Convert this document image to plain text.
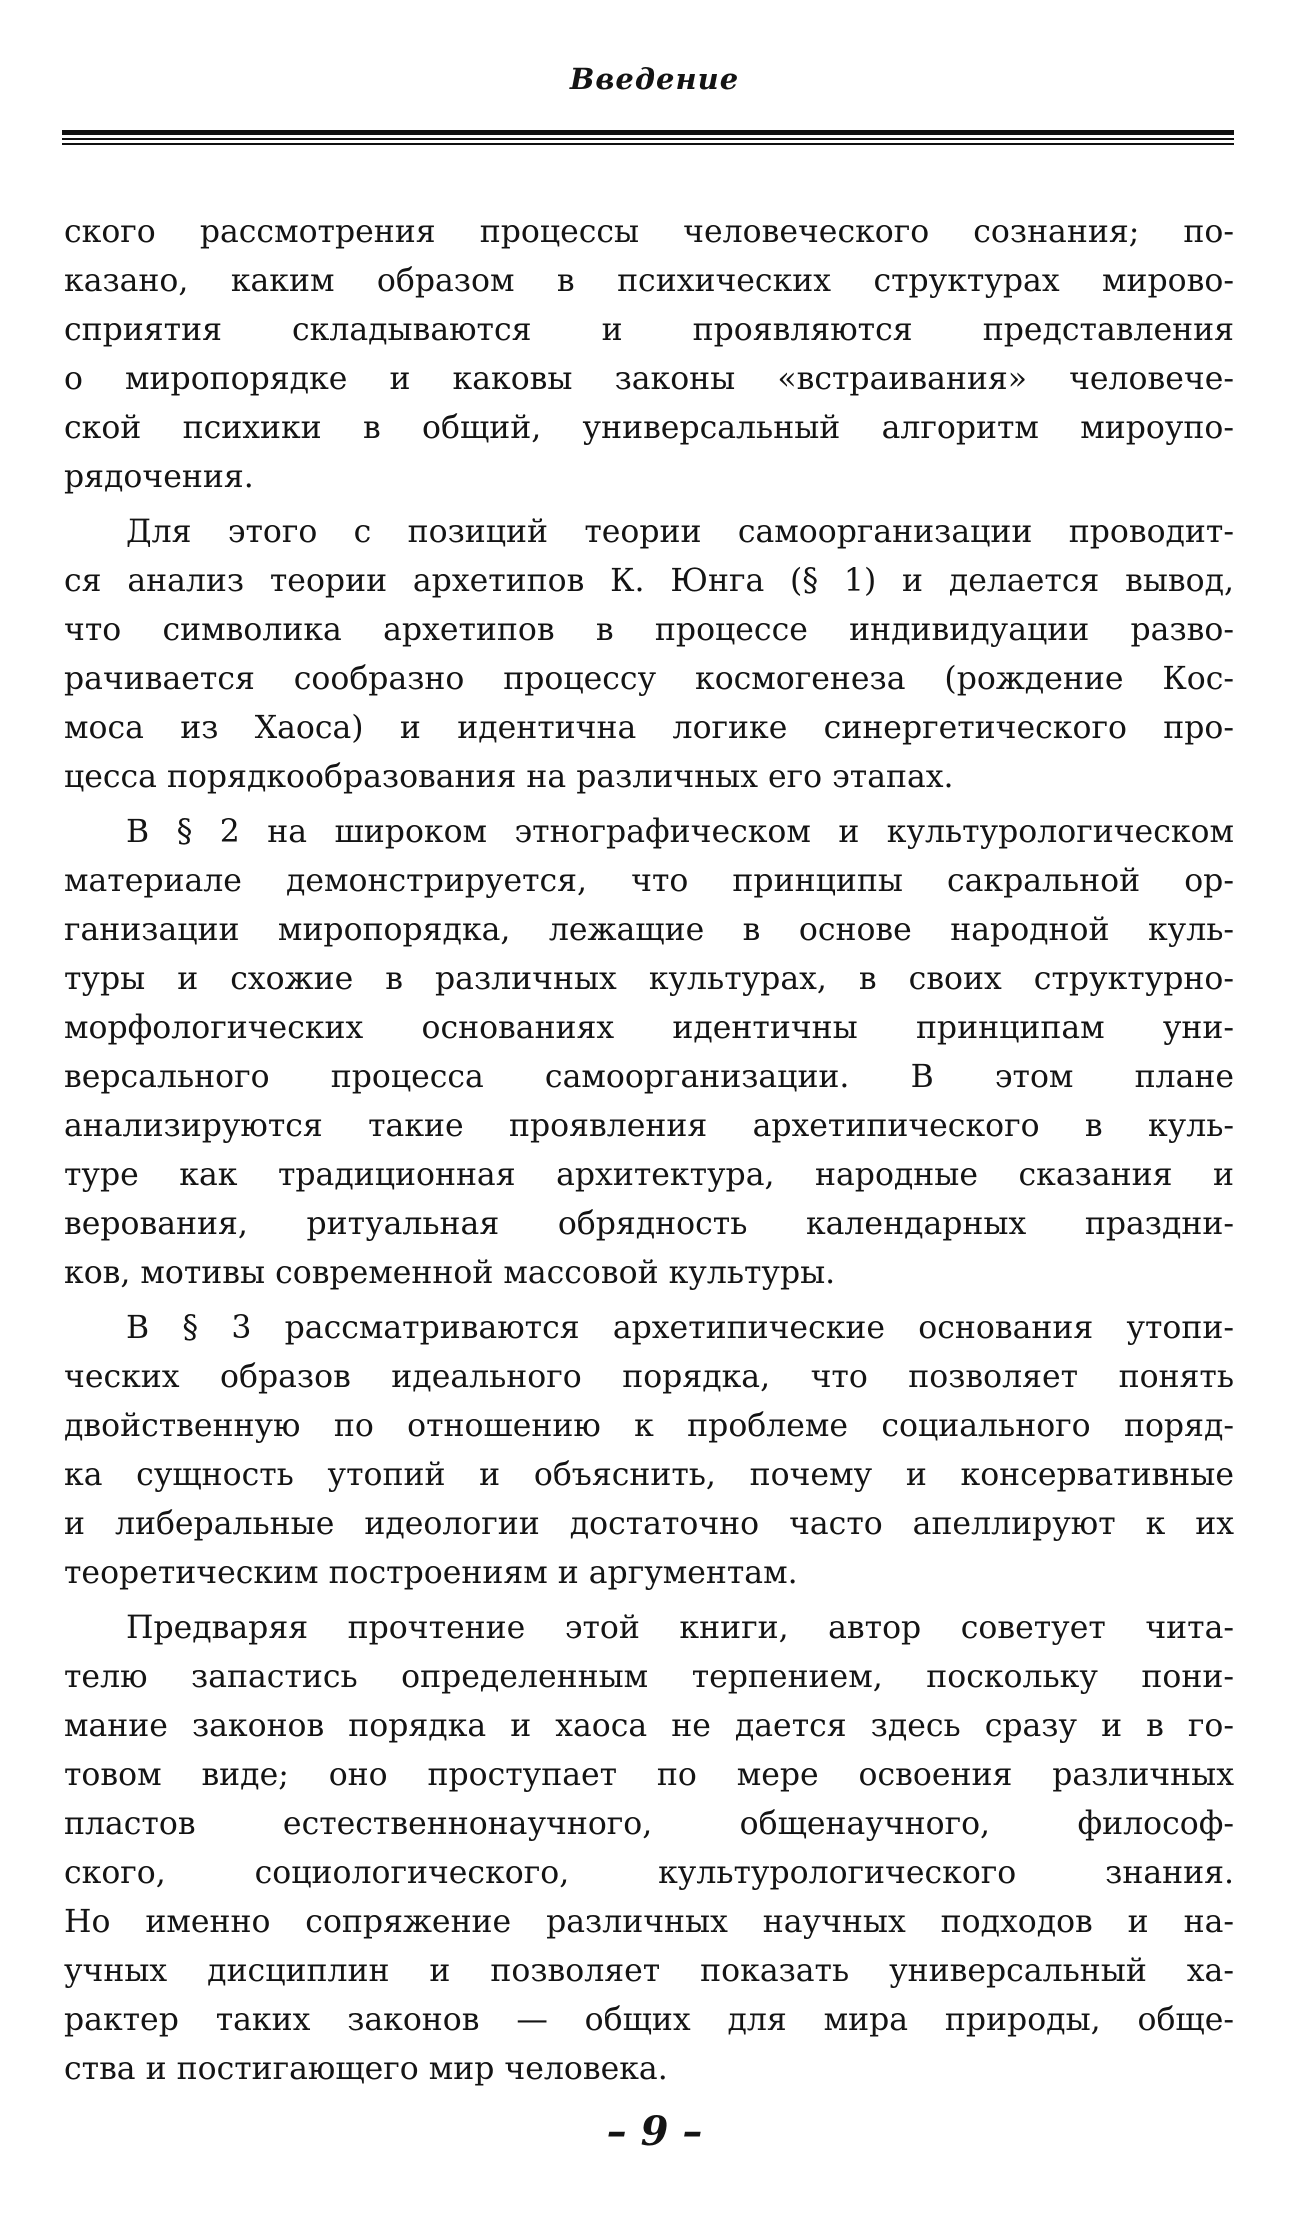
Введение
ского рассмотрения процессы человеческого сознания; по-
казано, каким образом в психических структурах мирово-
сприятия складываются и проявляются представления
о миропорядке и каковы законы «встраивания» человече-
ской психики в общий, универсальный алгоритм мироупо-
рядочения.
Для этого с позиций теории самоорганизации проводит-
ся анализ теории архетипов К. Юнга (§ 1) и делается вывод,
что символика архетипов в процессе индивидуации разво-
рачивается сообразно процессу космогенеза (рождение Кос-
моса из Хаоса) и идентична логике синергетического про-
цесса порядкообразования на различных его этапах.
В § 2 на широком этнографическом и культурологическом
материале демонстрируется, что принципы сакральной ор-
ганизации миропорядка, лежащие в основе народной куль-
туры и схожие в различных культурах, в своих структурно-
морфологических основаниях идентичны принципам уни-
версального процесса самоорганизации. В этом плане
анализируются такие проявления архетипического в куль-
туре как традиционная архитектура, народные сказания и
верования, ритуальная обрядность календарных праздни-
ков, мотивы современной массовой культуры.
В § 3 рассматриваются архетипические основания утопи-
ческих образов идеального порядка, что позволяет понять
двойственную по отношению к проблеме социального поряд-
ка сущность утопий и объяснить, почему и консервативные
и либеральные идеологии достаточно часто апеллируют к их
теоретическим построениям и аргументам.
Предваряя прочтение этой книги, автор советует чита-
телю запастись определенным терпением, поскольку пони-
мание законов порядка и хаоса не дается здесь сразу и в го-
товом виде; оно проступает по мере освоения различных
пластов естественнонаучного, общенаучного, философ-
ского, социологического, культурологического знания.
Но именно сопряжение различных научных подходов и на-
учных дисциплин и позволяет показать универсальный ха-
рактер таких законов — общих для мира природы, обще-
ства и постигающего мир человека.
– 9 –
